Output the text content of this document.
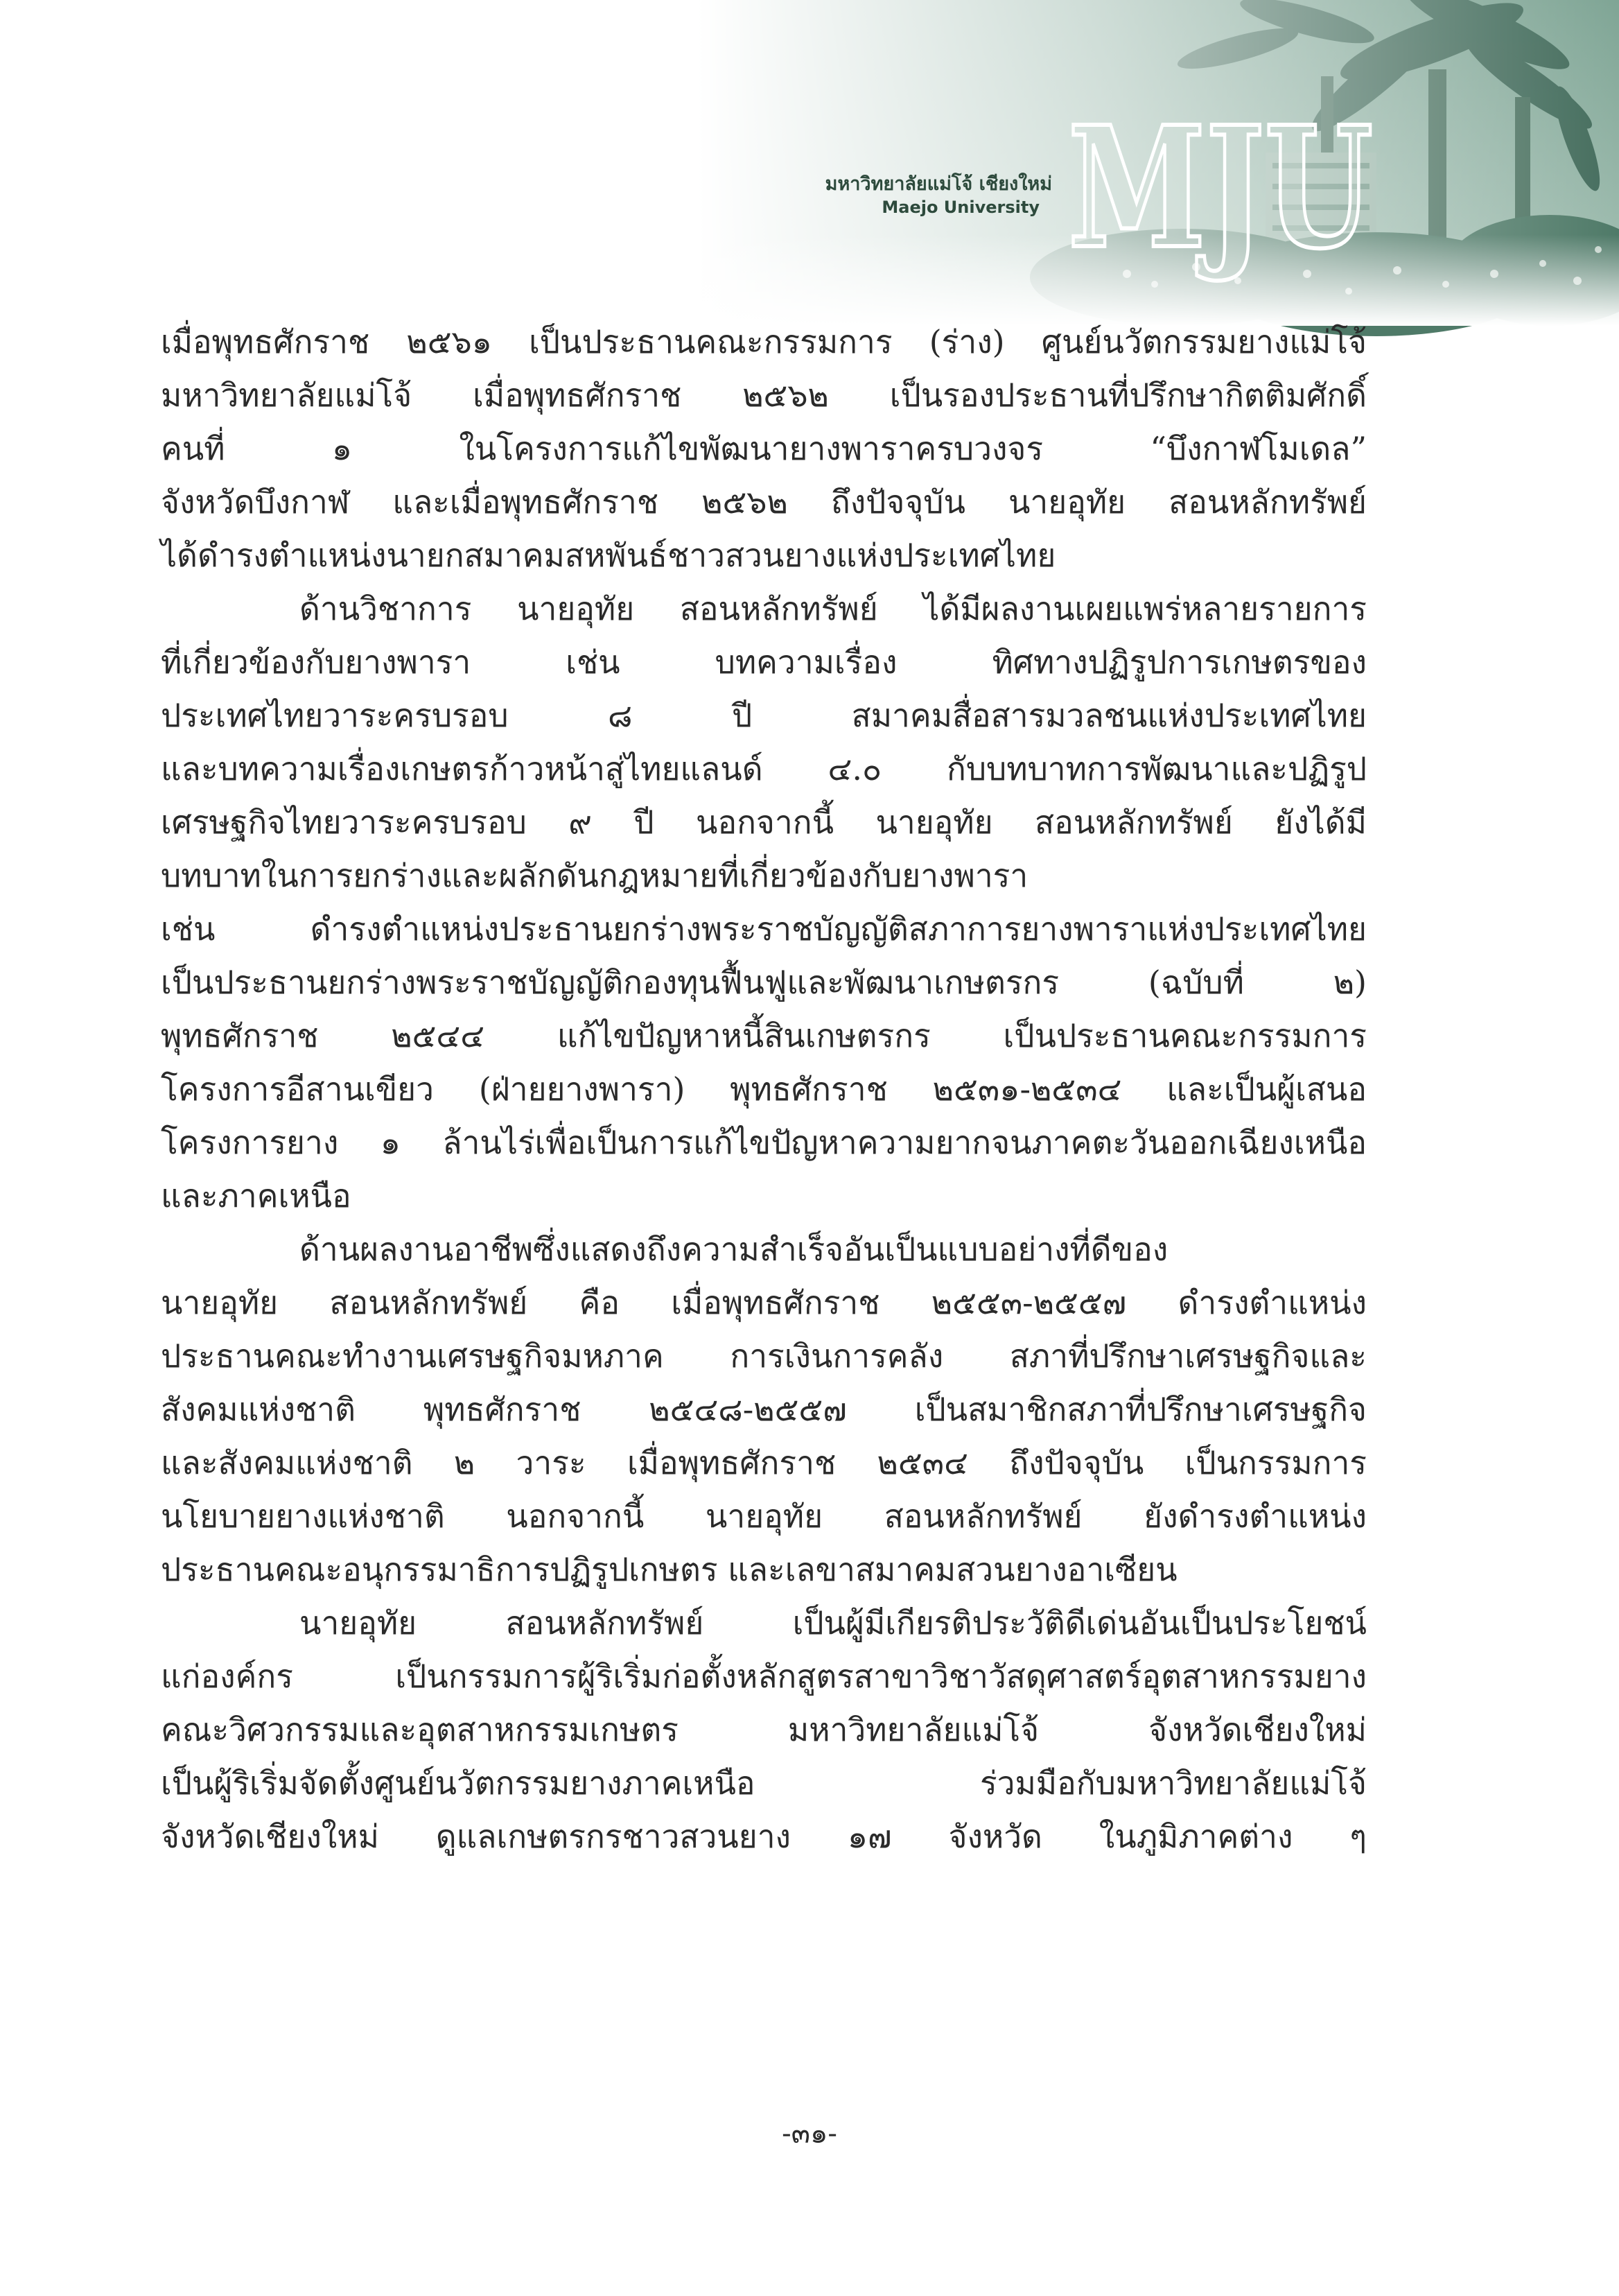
มหาวิทยาลัยแม่โจ้ เชียงใหม่
Maejo University MJU
เมื่อพุทธศักราช ๒๕๖๑ เป็นประธานคณะกรรมการ (ร่าง) ศูนย์นวัตกรรมยางแม่โจ้
มหาวิทยาลัยแม่โจ้ เมื่อพุทธศักราช ๒๕๖๒ เป็นรองประธานที่ปรึกษากิตติมศักดิ์
คนที่ ๑ ในโครงการแก้ไขพัฒนายางพาราครบวงจร “บึงกาฬโมเดล”
จังหวัดบึงกาฬ และเมื่อพุทธศักราช ๒๕๖๒ ถึงปัจจุบัน นายอุทัย สอนหลักทรัพย์
ได้ดำรงตำแหน่งนายกสมาคมสหพันธ์ชาวสวนยางแห่งประเทศไทย
ด้านวิชาการ นายอุทัย สอนหลักทรัพย์ ได้มีผลงานเผยแพร่หลายรายการ
ที่เกี่ยวข้องกับยางพารา เช่น บทความเรื่อง ทิศทางปฏิรูปการเกษตรของ
ประเทศไทยวาระครบรอบ ๘ ปี สมาคมสื่อสารมวลชนแห่งประเทศไทย
และบทความเรื่องเกษตรก้าวหน้าสู่ไทยแลนด์ ๔.๐ กับบทบาทการพัฒนาและปฏิรูป
เศรษฐกิจไทยวาระครบรอบ ๙ ปี นอกจากนี้ นายอุทัย สอนหลักทรัพย์ ยังได้มี
บทบาทในการยกร่างและผลักดันกฎหมายที่เกี่ยวข้องกับยางพารา
เช่น ดำรงตำแหน่งประธานยกร่างพระราชบัญญัติสภาการยางพาราแห่งประเทศไทย
เป็นประธานยกร่างพระราชบัญญัติกองทุนฟื้นฟูและพัฒนาเกษตรกร (ฉบับที่ ๒)
พุทธศักราช ๒๕๔๔ แก้ไขปัญหาหนี้สินเกษตรกร เป็นประธานคณะกรรมการ
โครงการอีสานเขียว (ฝ่ายยางพารา) พุทธศักราช ๒๕๓๑-๒๕๓๔ และเป็นผู้เสนอ
โครงการยาง ๑ ล้านไร่เพื่อเป็นการแก้ไขปัญหาความยากจนภาคตะวันออกเฉียงเหนือ
และภาคเหนือ
ด้านผลงานอาชีพซึ่งแสดงถึงความสำเร็จอันเป็นแบบอย่างที่ดีของ
นายอุทัย สอนหลักทรัพย์ คือ เมื่อพุทธศักราช ๒๕๕๓-๒๕๕๗ ดำรงตำแหน่ง
ประธานคณะทำงานเศรษฐกิจมหภาค การเงินการคลัง สภาที่ปรึกษาเศรษฐกิจและ
สังคมแห่งชาติ พุทธศักราช ๒๕๔๘-๒๕๕๗ เป็นสมาชิกสภาที่ปรึกษาเศรษฐกิจ
และสังคมแห่งชาติ ๒ วาระ เมื่อพุทธศักราช ๒๕๓๔ ถึงปัจจุบัน เป็นกรรมการ
นโยบายยางแห่งชาติ นอกจากนี้ นายอุทัย สอนหลักทรัพย์ ยังดำรงตำแหน่ง
ประธานคณะอนุกรรมาธิการปฏิรูปเกษตร และเลขาสมาคมสวนยางอาเซียน
นายอุทัย สอนหลักทรัพย์ เป็นผู้มีเกียรติประวัติดีเด่นอันเป็นประโยชน์
แก่องค์กร เป็นกรรมการผู้ริเริ่มก่อตั้งหลักสูตรสาขาวิชาวัสดุศาสตร์อุตสาหกรรมยาง
คณะวิศวกรรมและอุตสาหกรรมเกษตร มหาวิทยาลัยแม่โจ้ จังหวัดเชียงใหม่
เป็นผู้ริเริ่มจัดตั้งศูนย์นวัตกรรมยางภาคเหนือ ร่วมมือกับมหาวิทยาลัยแม่โจ้
จังหวัดเชียงใหม่ ดูแลเกษตรกรชาวสวนยาง ๑๗ จังหวัด ในภูมิภาคต่าง ๆ
-๓๑-
